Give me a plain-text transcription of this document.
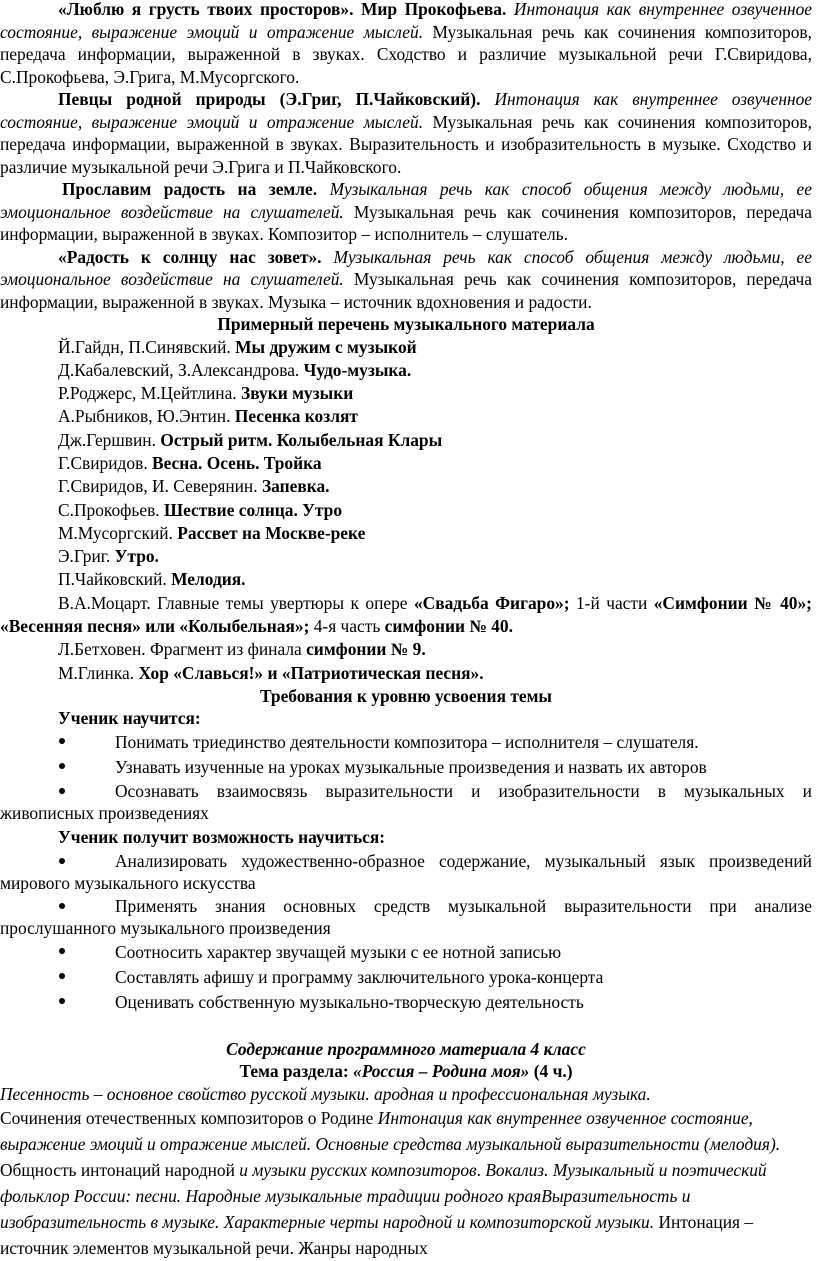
«Люблю я грусть твоих просторов». Мир Прокофьева. Интонация как внутреннее озвученное состояние, выражение эмоций и отражение мыслей. Музыкальная речь как сочинения композиторов, передача информации, выраженной в звуках. Сходство и различие музыкальной речи Г.Свиридова, С.Прокофьева, Э.Грига, М.Мусоргского.

Певцы родной природы (Э.Григ, П.Чайковский). Интонация как внутреннее озвученное состояние, выражение эмоций и отражение мыслей. Музыкальная речь как сочинения композиторов, передача информации, выраженной в звуках. Выразительность и изобразительность в музыке. Сходство и различие музыкальной речи Э.Грига и П.Чайковского.

Прославим радость на земле. Музыкальная речь как способ общения между людьми, ее эмоциональное воздействие на слушателей. Музыкальная речь как сочинения композиторов, передача информации, выраженной в звуках. Композитор – исполнитель – слушатель.

«Радость к солнцу нас зовет». Музыкальная речь как способ общения между людьми, ее эмоциональное воздействие на слушателей. Музыкальная речь как сочинения композиторов, передача информации, выраженной в звуках. Музыка – источник вдохновения и радости.

Примерный перечень музыкального материала

Й.Гайдн, П.Синявский. Мы дружим с музыкой

Д.Кабалевский, З.Александрова. Чудо-музыка.

Р.Роджерс, М.Цейтлина. Звуки музыки

А.Рыбников, Ю.Энтин. Песенка козлят

Дж.Гершвин. Острый ритм. Колыбельная Клары

Г.Свиридов. Весна. Осень. Тройка

Г.Свиридов, И. Северянин. Запевка.

С.Прокофьев. Шествие солнца. Утро

М.Мусоргский. Рассвет на Москве-реке

Э.Григ. Утро.

П.Чайковский. Мелодия.

В.А.Моцарт. Главные темы увертюры к опере «Свадьба Фигаро»; 1-й части «Симфонии № 40»; «Весенняя песня» или «Колыбельная»; 4-я часть симфонии № 40.

Л.Бетховен. Фрагмент из финала симфонии № 9.

М.Глинка. Хор «Славься!» и «Патриотическая песня».

Требования к уровню усвоения темы

Ученик научится:

Понимать триединство деятельности композитора – исполнителя – слушателя.

Узнавать изученные на уроках музыкальные произведения и назвать их авторов

Осознавать взаимосвязь выразительности и изобразительности в музыкальных и живописных произведениях

Ученик получит возможность научиться:

Анализировать художественно-образное содержание, музыкальный язык произведений мирового музыкального искусства

Применять знания основных средств музыкальной выразительности при анализе прослушанного музыкального произведения

Соотносить характер звучащей музыки с ее нотной записью

Составлять афишу и программу заключительного урока-концерта

Оценивать собственную музыкально-творческую деятельность

Содержание программного материала 4 класс

Тема раздела: «Россия – Родина моя» (4 ч.)

Песенность – основное свойство русской музыки. ародная и профессиональная музыка.

Сочинения отечественных композиторов о Родине Интонация как внутреннее озвученное состояние, выражение эмоций и отражение мыслей. Основные средства музыкальной выразительности (мелодия). Общность интонаций народной и музыки русских композиторов. Вокализ. Музыкальный и поэтический фольклор России: песни. Народные музыкальные традиции родного краяВыразительность и изобразительность в музыке. Характерные черты народной и композиторской музыки. Интонация – источник элементов музыкальной речи. Жанры народных
